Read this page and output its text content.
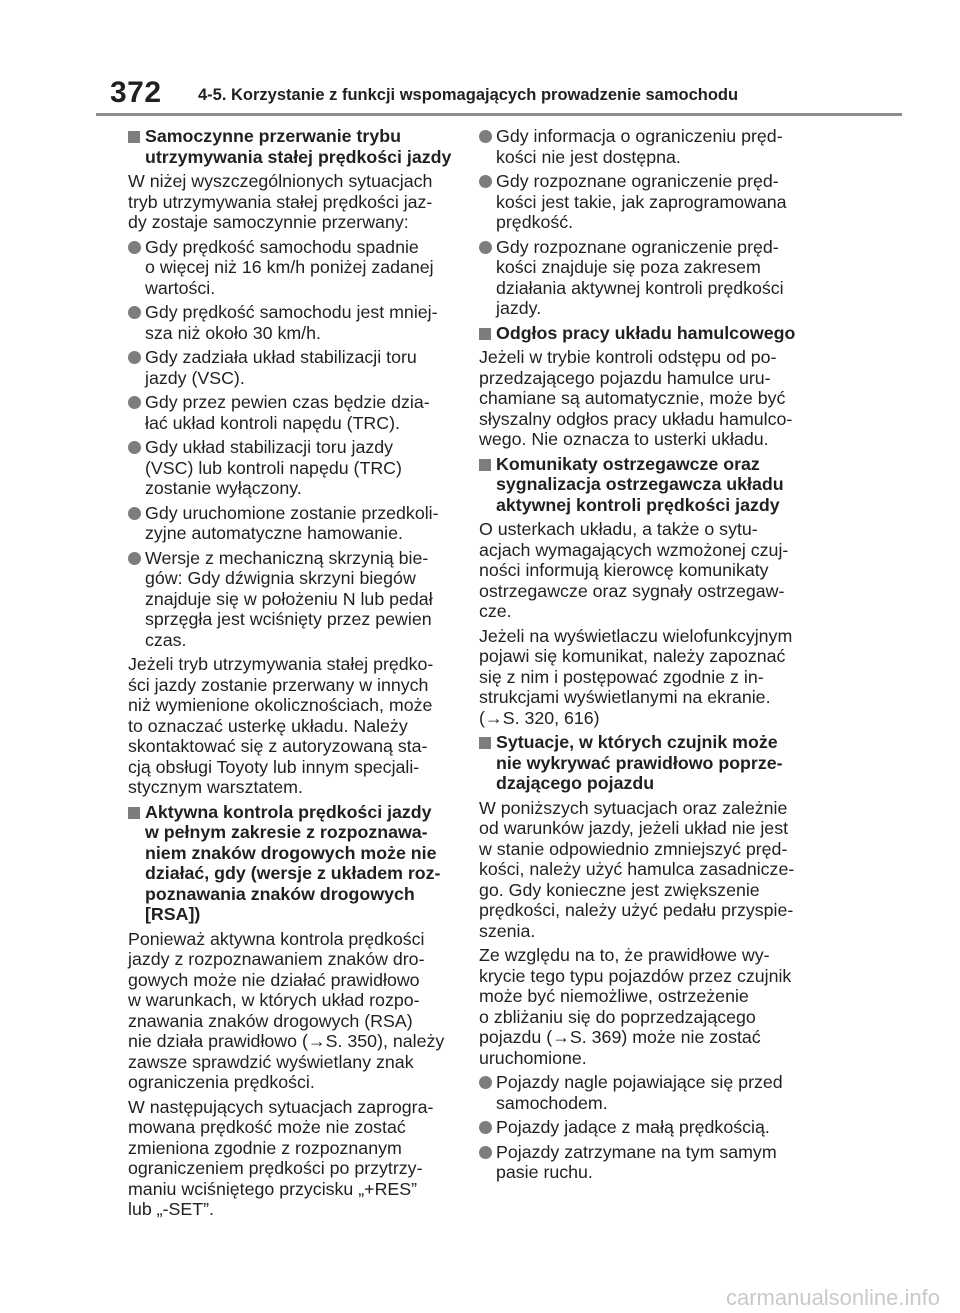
372 4-5. Korzystanie z funkcji wspomagających prowadzenie samochodu
Samoczynne przerwanie trybu
utrzymywania stałej prędkości jazdy
W niżej wyszczególnionych sytuacjach
tryb utrzymywania stałej prędkości jaz-
dy zostaje samoczynnie przerwany:
Gdy prędkość samochodu spadnie
o więcej niż 16 km/h poniżej zadanej
wartości.
Gdy prędkość samochodu jest mniej-
sza niż około 30 km/h.
Gdy zadziała układ stabilizacji toru
jazdy (VSC).
Gdy przez pewien czas będzie dzia-
łać układ kontroli napędu (TRC).
Gdy układ stabilizacji toru jazdy
(VSC) lub kontroli napędu (TRC)
zostanie wyłączony.
Gdy uruchomione zostanie przedkoli-
zyjne automatyczne hamowanie.
Wersje z mechaniczną skrzynią bie-
gów: Gdy dźwignia skrzyni biegów
znajduje się w położeniu N lub pedał
sprzęgła jest wciśnięty przez pewien
czas.
Jeżeli tryb utrzymywania stałej prędko-
ści jazdy zostanie przerwany w innych
niż wymienione okolicznościach, może
to oznaczać usterkę układu. Należy
skontaktować się z autoryzowaną sta-
cją obsługi Toyoty lub innym specjali-
stycznym warsztatem.
Aktywna kontrola prędkości jazdy
w pełnym zakresie z rozpoznawa-
niem znaków drogowych może nie
działać, gdy (wersje z układem roz-
poznawania znaków drogowych
[RSA])
Ponieważ aktywna kontrola prędkości
jazdy z rozpoznawaniem znaków dro-
gowych może nie działać prawidłowo
w warunkach, w których układ rozpo-
znawania znaków drogowych (RSA)
nie działa prawidłowo (→S. 350), należy
zawsze sprawdzić wyświetlany znak
ograniczenia prędkości.
W następujących sytuacjach zaprogra-
mowana prędkość może nie zostać
zmieniona zgodnie z rozpoznanym
ograniczeniem prędkości po przytrzy-
maniu wciśniętego przycisku „+RES”
lub „-SET”.
Gdy informacja o ograniczeniu pręd-
kości nie jest dostępna.
Gdy rozpoznane ograniczenie pręd-
kości jest takie, jak zaprogramowana
prędkość.
Gdy rozpoznane ograniczenie pręd-
kości znajduje się poza zakresem
działania aktywnej kontroli prędkości
jazdy.
Odgłos pracy układu hamulcowego
Jeżeli w trybie kontroli odstępu od po-
przedzającego pojazdu hamulce uru-
chamiane są automatycznie, może być
słyszalny odgłos pracy układu hamulco-
wego. Nie oznacza to usterki układu.
Komunikaty ostrzegawcze oraz
sygnalizacja ostrzegawcza układu
aktywnej kontroli prędkości jazdy
O usterkach układu, a także o sytu-
acjach wymagających wzmożonej czuj-
ności informują kierowcę komunikaty
ostrzegawcze oraz sygnały ostrzegaw-
cze.
Jeżeli na wyświetlaczu wielofunkcyjnym
pojawi się komunikat, należy zapoznać
się z nim i postępować zgodnie z in-
strukcjami wyświetlanymi na ekranie.
(→S. 320, 616)
Sytuacje, w których czujnik może
nie wykrywać prawidłowo poprze-
dzającego pojazdu
W poniższych sytuacjach oraz zależnie
od warunków jazdy, jeżeli układ nie jest
w stanie odpowiednio zmniejszyć pręd-
kości, należy użyć hamulca zasadnicze-
go. Gdy konieczne jest zwiększenie
prędkości, należy użyć pedału przyspie-
szenia.
Ze względu na to, że prawidłowe wy-
krycie tego typu pojazdów przez czujnik
może być niemożliwe, ostrzeżenie
o zbliżaniu się do poprzedzającego
pojazdu (→S. 369) może nie zostać
uruchomione.
Pojazdy nagle pojawiające się przed
samochodem.
Pojazdy jadące z małą prędkością.
Pojazdy zatrzymane na tym samym
pasie ruchu.
carmanualsonline.info
